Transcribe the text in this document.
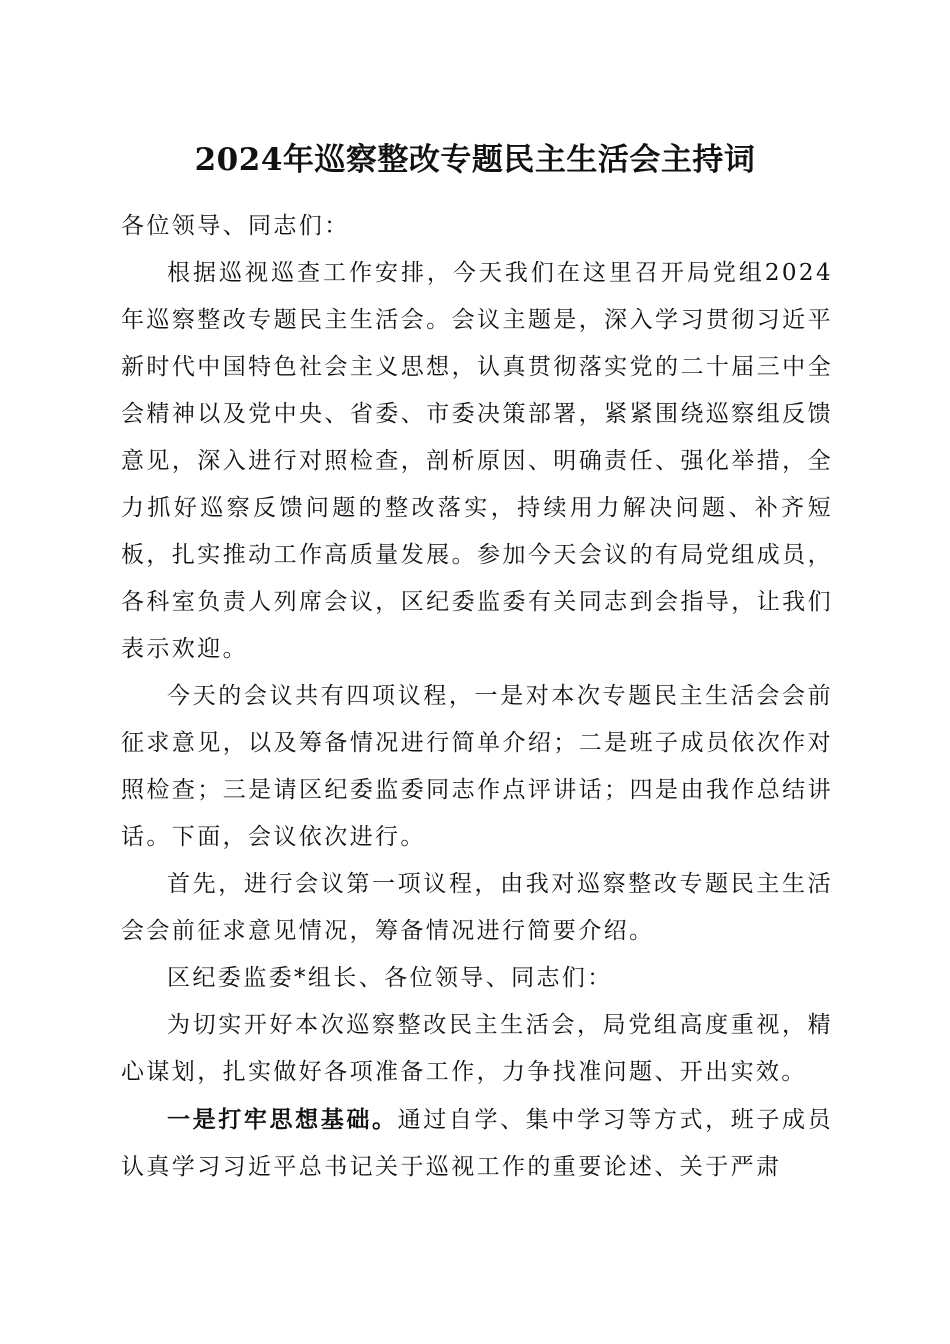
2024年巡察整改专题民主生活会主持词

各位领导、同志们：

根据巡视巡查工作安排，今天我们在这里召开局党组2024年巡察整改专题民主生活会。会议主题是，深入学习贯彻习近平新时代中国特色社会主义思想，认真贯彻落实党的二十届三中全会精神以及党中央、省委、市委决策部署，紧紧围绕巡察组反馈意见，深入进行对照检查，剖析原因、明确责任、强化举措，全力抓好巡察反馈问题的整改落实，持续用力解决问题、补齐短板，扎实推动工作高质量发展。参加今天会议的有局党组成员，各科室负责人列席会议，区纪委监委有关同志到会指导，让我们表示欢迎。

今天的会议共有四项议程，一是对本次专题民主生活会会前征求意见，以及筹备情况进行简单介绍；二是班子成员依次作对照检查；三是请区纪委监委同志作点评讲话；四是由我作总结讲话。下面，会议依次进行。

首先，进行会议第一项议程，由我对巡察整改专题民主生活会会前征求意见情况，筹备情况进行简要介绍。

区纪委监委*组长、各位领导、同志们：

为切实开好本次巡察整改民主生活会，局党组高度重视，精心谋划，扎实做好各项准备工作，力争找准问题、开出实效。

一是打牢思想基础。通过自学、集中学习等方式，班子成员认真学习习近平总书记关于巡视工作的重要论述、关于严肃
